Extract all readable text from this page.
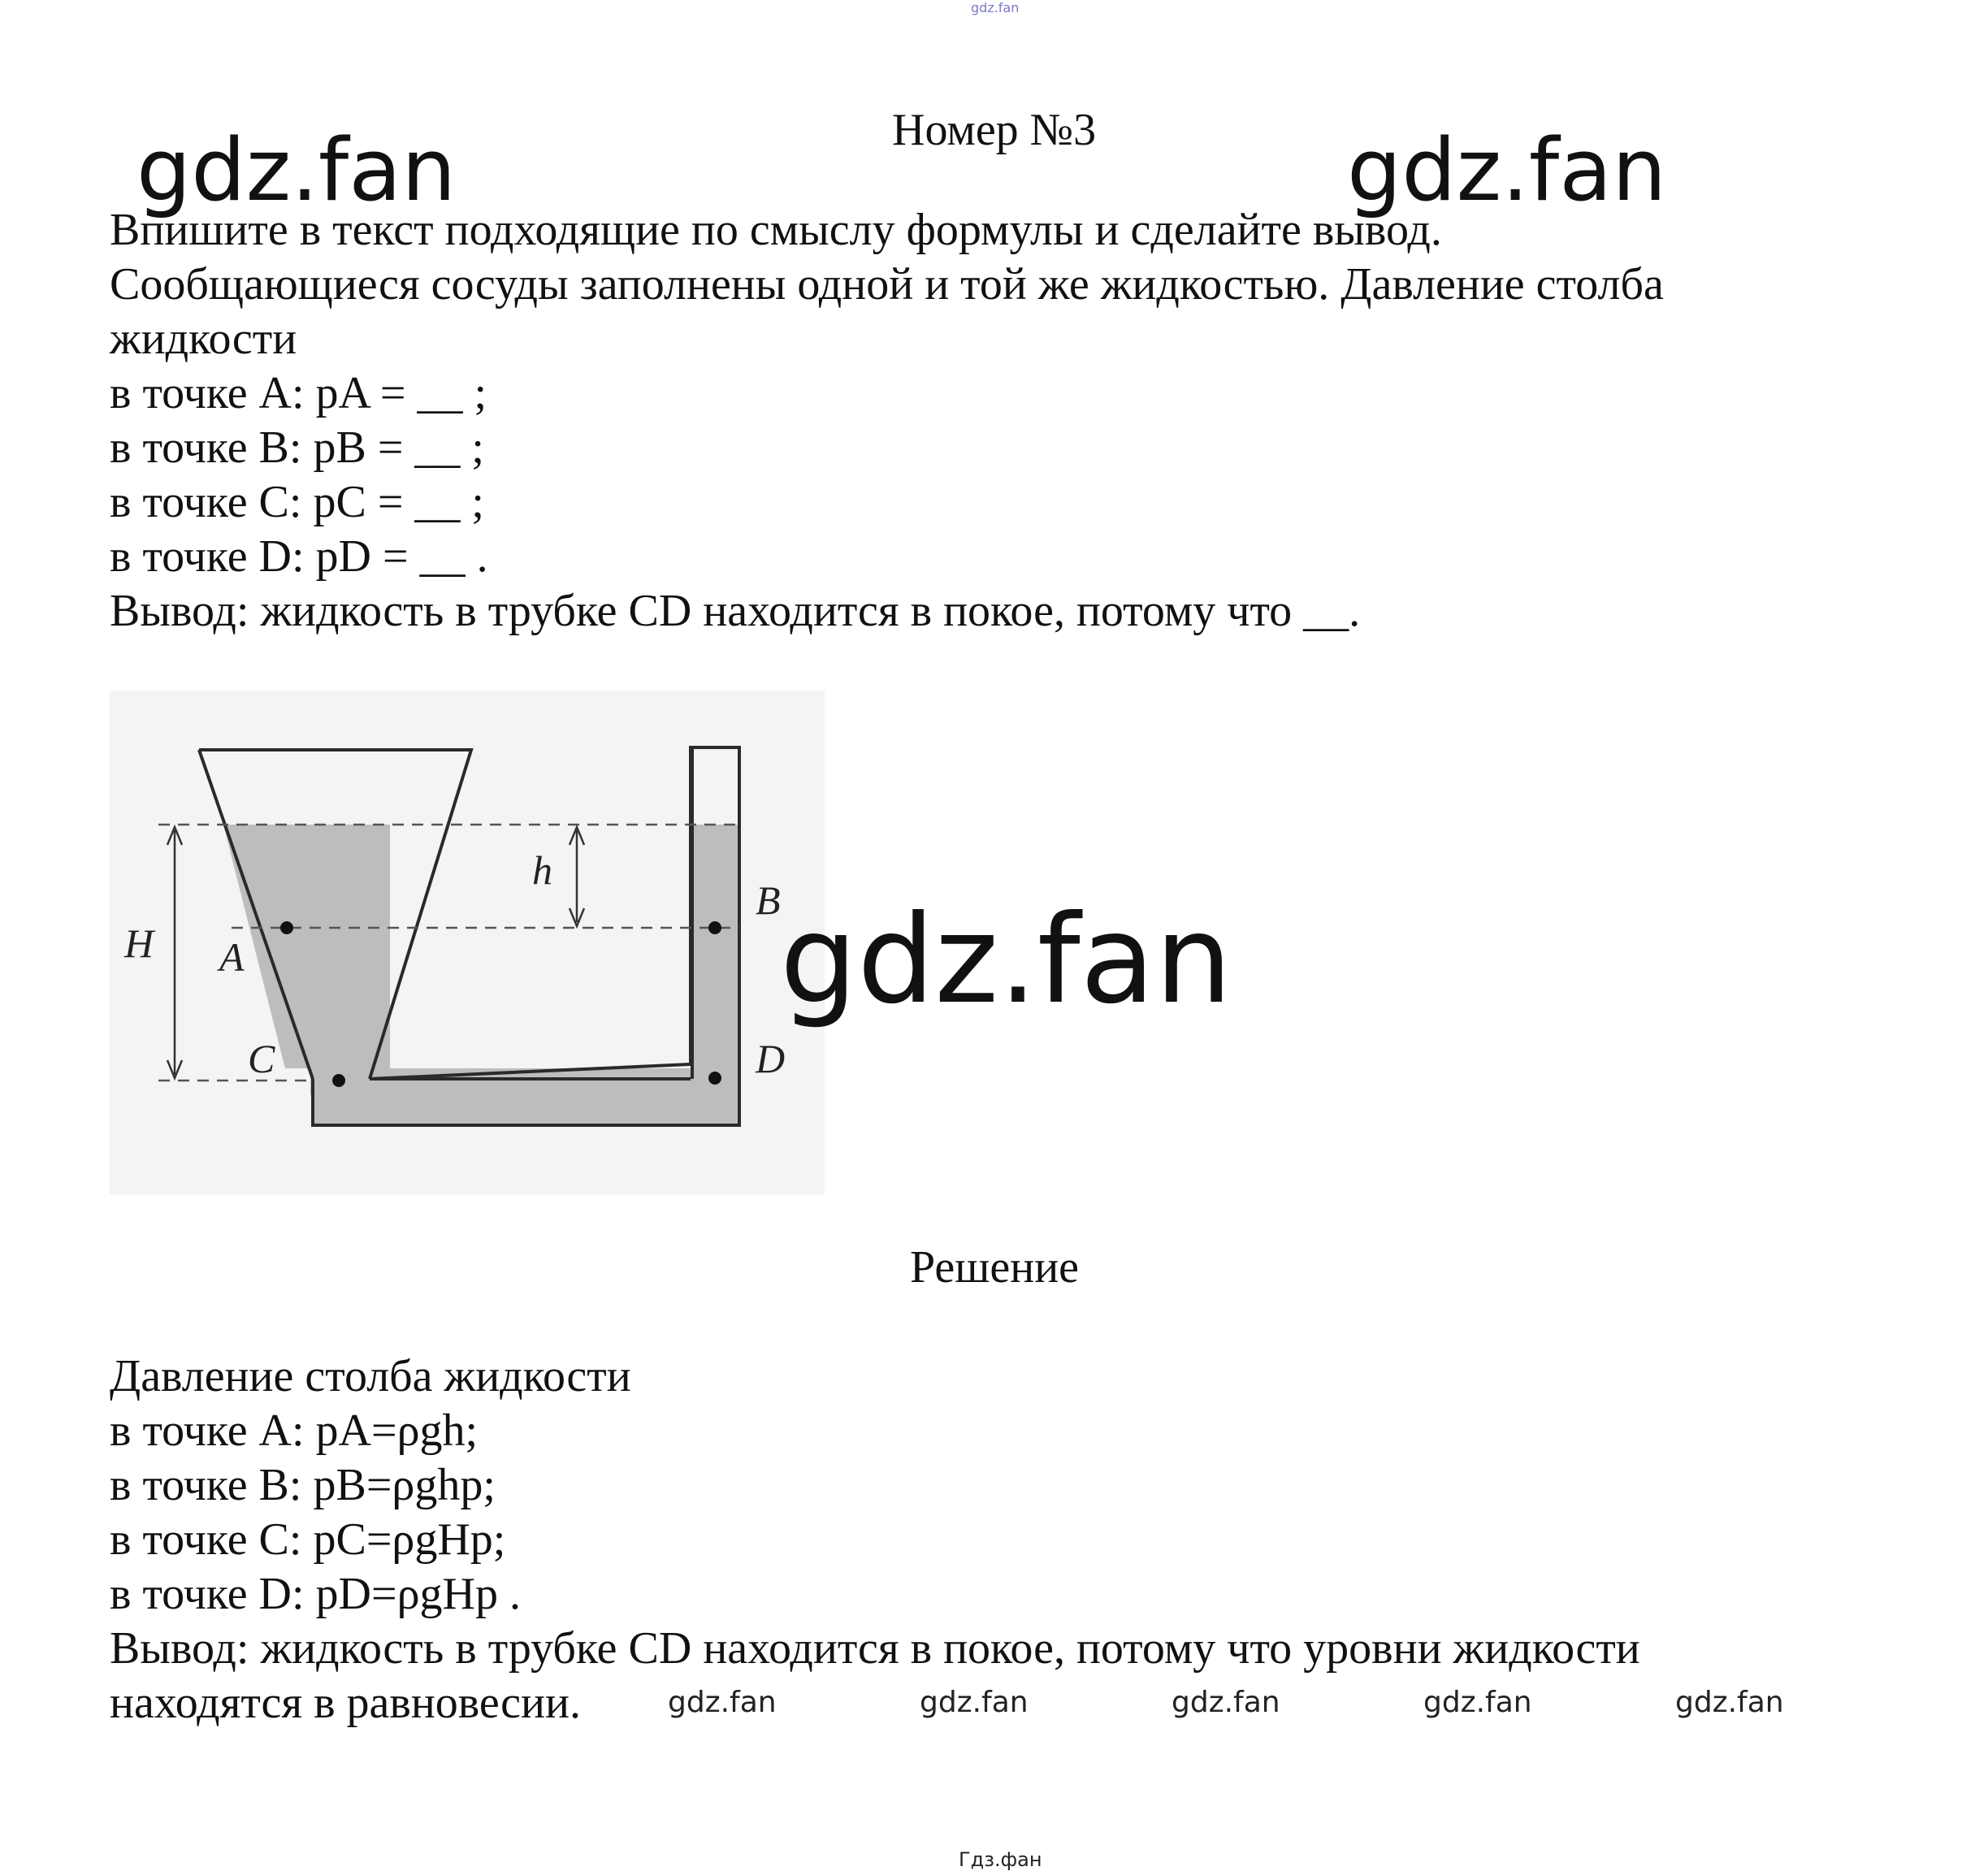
gdz.fan
Номер №3
gdz.fan	gdz.fan
Впишите в текст подходящие по смыслу формулы и сделайте вывод.
Сообщающиеся сосуды заполнены одной и той же жидкостью. Давление столба
жидкости
в точке A: pA = __ ;
в точке B: pB = __ ;
в точке C: pC = __ ;
в точке D: pD = __ .
Вывод: жидкость в трубке CD находится в покое, потому что __.
H
h
A
B
C	D
gdz.fan
Решение
Давление столба жидкости
в точке A: pA=ρgh;
в точке B: pB=ρghр;
в точке C: pC=ρgHр;
в точке D: pD=ρgHр .
Вывод: жидкость в трубке CD находится в покое, потому что уровни жидкости
находятся в равновесии.	gdz.fan	gdz.fan	gdz.fan	gdz.fan	gdz.fan
Гдз.фан
